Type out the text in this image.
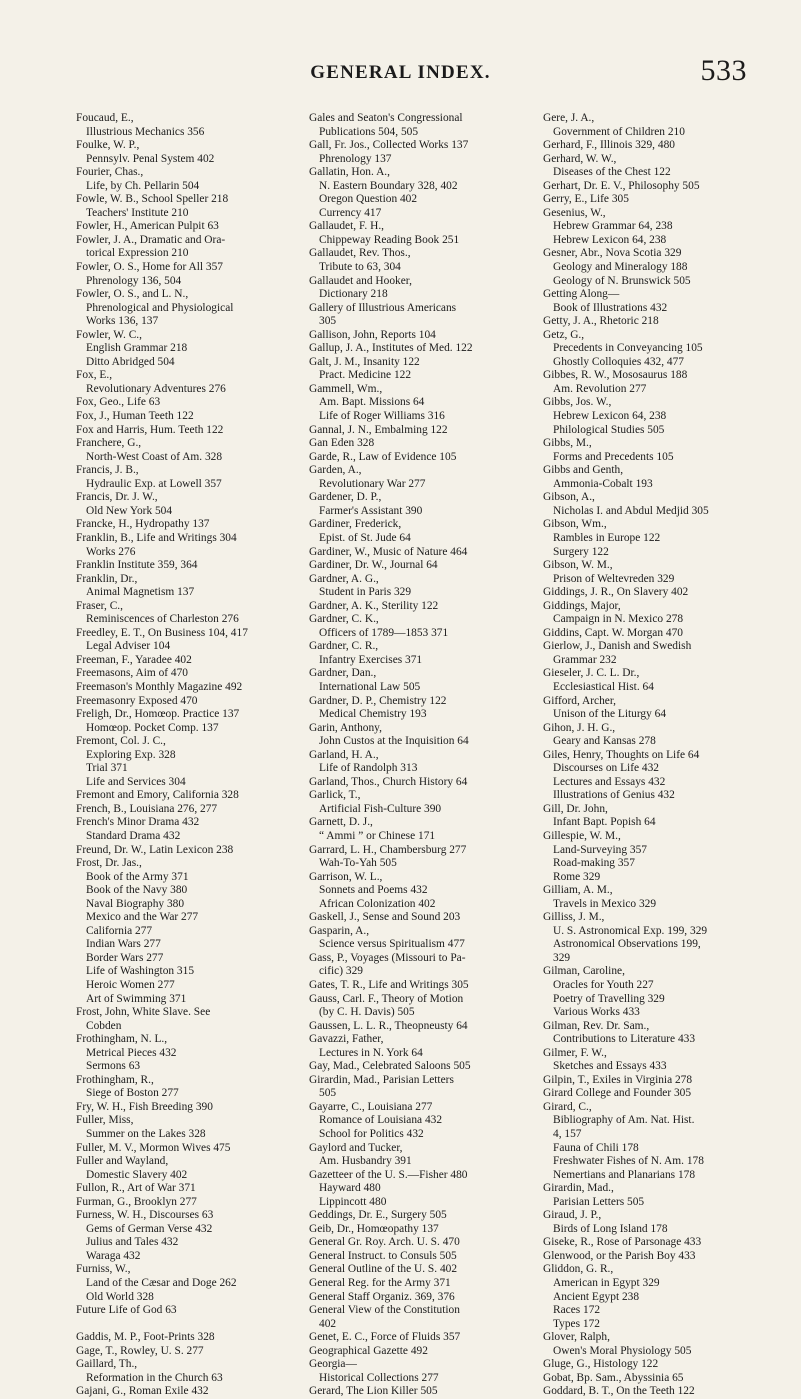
GENERAL INDEX.	533
Foucaud, E.,
Illustrious Mechanics 356
Foulke, W. P.,
Pennsylv. Penal System 402
Fourier, Chas.,
Life, by Ch. Pellarin 504
Fowle, W. B., School Speller 218
Teachers' Institute 210
Fowler, H., American Pulpit 63
Fowler, J. A., Dramatic and Ora-
torical Expression 210
Fowler, O. S., Home for All 357
Phrenology 136, 504
Fowler, O. S., and L. N.,
Phrenological and Physiological
Works 136, 137
Fowler, W. C.,
English Grammar 218
Ditto Abridged 504
Fox, E.,
Revolutionary Adventures 276
Fox, Geo., Life 63
Fox, J., Human Teeth 122
Fox and Harris, Hum. Teeth 122
Franchere, G.,
North-West Coast of Am. 328
Francis, J. B.,
Hydraulic Exp. at Lowell 357
Francis, Dr. J. W.,
Old New York 504
Francke, H., Hydropathy 137
Franklin, B., Life and Writings 304
Works 276
Franklin Institute 359, 364
Franklin, Dr.,
Animal Magnetism 137
Fraser, C.,
Reminiscences of Charleston 276
Freedley, E. T., On Business 104, 417
Legal Adviser 104
Freeman, F., Yaradee 402
Freemasons, Aim of 470
Freemason's Monthly Magazine 492
Freemasonry Exposed 470
Freligh, Dr., Homœop. Practice 137
Homœop. Pocket Comp. 137
Fremont, Col. J. C.,
Exploring Exp. 328
Trial 371
Life and Services 304
Fremont and Emory, California 328
French, B., Louisiana 276, 277
French's Minor Drama 432
Standard Drama 432
Freund, Dr. W., Latin Lexicon 238
Frost, Dr. Jas.,
Book of the Army 371
Book of the Navy 380
Naval Biography 380
Mexico and the War 277
California 277
Indian Wars 277
Border Wars 277
Life of Washington 315
Heroic Women 277
Art of Swimming 371
Frost, John, White Slave. See
Cobden
Frothingham, N. L.,
Metrical Pieces 432
Sermons 63
Frothingham, R.,
Siege of Boston 277
Fry, W. H., Fish Breeding 390
Fuller, Miss,
Summer on the Lakes 328
Fuller, M. V., Mormon Wives 475
Fuller and Wayland,
Domestic Slavery 402
Fullon, R., Art of War 371
Furman, G., Brooklyn 277
Furness, W. H., Discourses 63
Gems of German Verse 432
Julius and Tales 432
Waraga 432
Furniss, W.,
Land of the Cæsar and Doge 262
Old World 328
Future Life of God 63
Gaddis, M. P., Foot-Prints 328
Gage, T., Rowley, U. S. 277
Gaillard, Th.,
Reformation in the Church 63
Gajani, G., Roman Exile 432
Gales and Seaton's Congressional
Publications 504, 505
Gall, Fr. Jos., Collected Works 137
Phrenology 137
Gallatin, Hon. A.,
N. Eastern Boundary 328, 402
Oregon Question 402
Currency 417
Gallaudet, F. H.,
Chippeway Reading Book 251
Gallaudet, Rev. Thos.,
Tribute to 63, 304
Gallaudet and Hooker,
Dictionary 218
Gallery of Illustrious Americans
305
Gallison, John, Reports 104
Gallup, J. A., Institutes of Med. 122
Galt, J. M., Insanity 122
Pract. Medicine 122
Gammell, Wm.,
Am. Bapt. Missions 64
Life of Roger Williams 316
Gannal, J. N., Embalming 122
Gan Eden 328
Garde, R., Law of Evidence 105
Garden, A.,
Revolutionary War 277
Gardener, D. P.,
Farmer's Assistant 390
Gardiner, Frederick,
Epist. of St. Jude 64
Gardiner, W., Music of Nature 464
Gardiner, Dr. W., Journal 64
Gardner, A. G.,
Student in Paris 329
Gardner, A. K., Sterility 122
Gardner, C. K.,
Officers of 1789—1853 371
Gardner, C. R.,
Infantry Exercises 371
Gardner, Dan.,
International Law 505
Gardner, D. P., Chemistry 122
Medical Chemistry 193
Garin, Anthony,
John Custos at the Inquisition 64
Garland, H. A.,
Life of Randolph 313
Garland, Thos., Church History 64
Garlick, T.,
Artificial Fish-Culture 390
Garnett, D. J.,
“ Ammi ” or Chinese 171
Garrard, L. H., Chambersburg 277
Wah-To-Yah 505
Garrison, W. L.,
Sonnets and Poems 432
African Colonization 402
Gaskell, J., Sense and Sound 203
Gasparin, A.,
Science versus Spiritualism 477
Gass, P., Voyages (Missouri to Pa-
cific) 329
Gates, T. R., Life and Writings 305
Gauss, Carl. F., Theory of Motion
(by C. H. Davis) 505
Gaussen, L. L. R., Theopneusty 64
Gavazzi, Father,
Lectures in N. York 64
Gay, Mad., Celebrated Saloons 505
Girardin, Mad., Parisian Letters
505
Gayarre, C., Louisiana 277
Romance of Louisiana 432
School for Politics 432
Gaylord and Tucker,
Am. Husbandry 391
Gazetteer of the U. S.—Fisher 480
Hayward 480
Lippincott 480
Geddings, Dr. E., Surgery 505
Geib, Dr., Homœopathy 137
General Gr. Roy. Arch. U. S. 470
General Instruct. to Consuls 505
General Outline of the U. S. 402
General Reg. for the Army 371
General Staff Organiz. 369, 376
General View of the Constitution
402
Genet, E. C., Force of Fluids 357
Geographical Gazette 492
Georgia—
Historical Collections 277
Gerard, The Lion Killer 505
Gere, J. A.,
Government of Children 210
Gerhard, F., Illinois 329, 480
Gerhard, W. W.,
Diseases of the Chest 122
Gerhart, Dr. E. V., Philosophy 505
Gerry, E., Life 305
Gesenius, W.,
Hebrew Grammar 64, 238
Hebrew Lexicon 64, 238
Gesner, Abr., Nova Scotia 329
Geology and Mineralogy 188
Geology of N. Brunswick 505
Getting Along—
Book of Illustrations 432
Getty, J. A., Rhetoric 218
Getz, G.,
Precedents in Conveyancing 105
Ghostly Colloquies 432, 477
Gibbes, R. W., Mososaurus 188
Am. Revolution 277
Gibbs, Jos. W.,
Hebrew Lexicon 64, 238
Philological Studies 505
Gibbs, M.,
Forms and Precedents 105
Gibbs and Genth,
Ammonia-Cobalt 193
Gibson, A.,
Nicholas I. and Abdul Medjid 305
Gibson, Wm.,
Rambles in Europe 122
Surgery 122
Gibson, W. M.,
Prison of Weltevreden 329
Giddings, J. R., On Slavery 402
Giddings, Major,
Campaign in N. Mexico 278
Giddins, Capt. W. Morgan 470
Gierlow, J., Danish and Swedish
Grammar 232
Gieseler, J. C. L. Dr.,
Ecclesiastical Hist. 64
Gifford, Archer,
Unison of the Liturgy 64
Gihon, J. H. G.,
Geary and Kansas 278
Giles, Henry, Thoughts on Life 64
Discourses on Life 432
Lectures and Essays 432
Illustrations of Genius 432
Gill, Dr. John,
Infant Bapt. Popish 64
Gillespie, W. M.,
Land-Surveying 357
Road-making 357
Rome 329
Gilliam, A. M.,
Travels in Mexico 329
Gilliss, J. M.,
U. S. Astronomical Exp. 199, 329
Astronomical Observations 199,
329
Gilman, Caroline,
Oracles for Youth 227
Poetry of Travelling 329
Various Works 433
Gilman, Rev. Dr. Sam.,
Contributions to Literature 433
Gilmer, F. W.,
Sketches and Essays 433
Gilpin, T., Exiles in Virginia 278
Girard College and Founder 305
Girard, C.,
Bibliography of Am. Nat. Hist.
4, 157
Fauna of Chili 178
Freshwater Fishes of N. Am. 178
Nemertians and Planarians 178
Girardin, Mad.,
Parisian Letters 505
Giraud, J. P.,
Birds of Long Island 178
Giseke, R., Rose of Parsonage 433
Glenwood, or the Parish Boy 433
Gliddon, G. R.,
American in Egypt 329
Ancient Egypt 238
Races 172
Types 172
Glover, Ralph,
Owen's Moral Physiology 505
Gluge, G., Histology 122
Gobat, Bp. Sam., Abyssinia 65
Goddard, B. T., On the Teeth 122
